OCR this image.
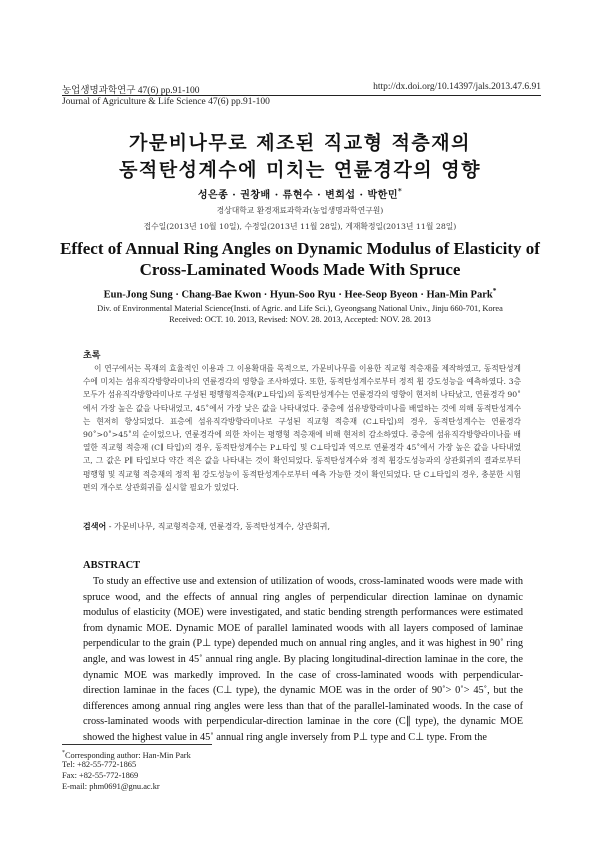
농업생명과학연구 47(6) pp.91-100	http://dx.doi.org/10.14397/jals.2013.47.6.91
Journal of Agriculture & Life Science 47(6) pp.91-100
가문비나무로 제조된 직교형 적층재의
동적탄성계수에 미치는 연륜경각의 영향
성은종 · 권창배 · 류현수 · 변희섭 · 박한민*
경상대학교 환경재료과학과(농업생명과학연구원)
접수일(2013년 10월 10일), 수정일(2013년 11월 28일), 게재확정일(2013년 11월 28일)
Effect of Annual Ring Angles on Dynamic Modulus of Elasticity of
Cross-Laminated Woods Made With Spruce
Eun-Jong Sung · Chang-Bae Kwon · Hyun-Soo Ryu · Hee-Seop Byeon · Han-Min Park*
Div. of Environmental Material Science(Insti. of Agric. and Life Sci.), Gyeongsang National Univ., Jinju 660-701, Korea
Received: OCT. 10. 2013, Revised: NOV. 28. 2013, Accepted: NOV. 28. 2013
초록

이 연구에서는 목재의 효율적인 이용과 그 이용확대를 목적으로, 가문비나무를 이용한 직교형 적층재를 제작하였고, 동적탄성계수에 미치는 섬유직각방향라미나의 연륜경각의 영향을 조사하였다. 또한, 동적탄성계수로부터 정적 휨 강도성능을 예측하였다. 3층 모두가 섬유직각방향라미나로 구성된 평행형적층재(P⊥타입)의 동적탄성계수는 연륜경각의 영향이 현저히 나타났고, 연륜경각 90˚에서 가장 높은 값을 나타내었고, 45˚에서 가장 낮은 값을 나타내었다. 중층에 섬유방향라미나를 배열하는 것에 의해 동적탄성계수는 현저히 향상되었다. 표층에 섬유직각방향라미나로 구성된 직교형 적층재 (C⊥타입)의 경우, 동적탄성계수는 연륜경각 90˚>0˚>45˚의 순이었으나, 연륜경각에 의한 차이는 평행형 적층재에 비해 현저히 감소하였다. 중층에 섬유직각방향라미나를 배열한 직교형 적층재 (C∥ 타입)의 경우, 동적탄성계수는 P⊥타입 및 C⊥타입과 역으로 연륜경각 45˚에서 가장 높은 값을 나타내었고, 그 값은 P∥ 타입보다 약간 적은 값을 나타내는 것이 확인되었다. 동적탄성계수와 정적 휨강도성능과의 상관회귀의 결과로부터 평행형 및 직교형 적층재의 정적 휨 강도성능이 동적탄성계수로부터 예측 가능한 것이 확인되었다. 단 C⊥타입의 경우, 충분한 시험편의 개수로 상관회귀를 실시할 필요가 있었다.

검색어 - 가문비나무, 직교형적층재, 연륜경각, 동적탄성계수, 상관회귀,
ABSTRACT

To study an effective use and extension of utilization of woods, cross-laminated woods were made with spruce wood, and the effects of annual ring angles of perpendicular direction laminae on dynamic modulus of elasticity (MOE) were investigated, and static bending strength performances were estimated from dynamic MOE. Dynamic MOE of parallel laminated woods with all layers composed of laminae perpendicular to the grain (P⊥ type) depended much on annual ring angles, and it was highest in 90˚ ring angle, and was lowest in 45˚ annual ring angle. By placing longitudinal-direction laminae in the core, the dynamic MOE was markedly improved. In the case of cross-laminated woods with perpendicular-direction laminae in the faces (C⊥ type), the dynamic MOE was in the order of 90˚> 0˚> 45˚, but the differences among annual ring angles were less than that of the parallel-laminated woods. In the case of cross-laminated woods with perpendicular-direction laminae in the core (C∥ type), the dynamic MOE showed the highest value in 45˚ annual ring angle inversely from P⊥ type and C⊥ type. From the

*Corresponding author: Han-Min Park
Tel: +82-55-772-1865
Fax: +82-55-772-1869
E-mail: phm0691@gnu.ac.kr
